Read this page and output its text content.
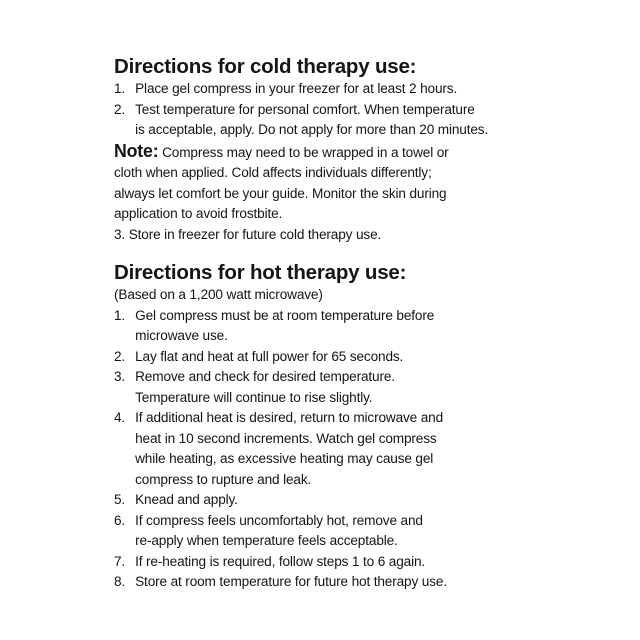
Directions for cold therapy use:
1. Place gel compress in your freezer for at least 2 hours.
2. Test temperature for personal comfort. When temperature
is acceptable, apply. Do not apply for more than 20 minutes.
Note: Compress may need to be wrapped in a towel or
cloth when applied. Cold affects individuals differently;
always let comfort be your guide. Monitor the skin during
application to avoid frostbite.
3. Store in freezer for future cold therapy use.
Directions for hot therapy use:
(Based on a 1,200 watt microwave)
1. Gel compress must be at room temperature before
microwave use.
2. Lay flat and heat at full power for 65 seconds.
3. Remove and check for desired temperature.
Temperature will continue to rise slightly.
4. If additional heat is desired, return to microwave and
heat in 10 second increments. Watch gel compress
while heating, as excessive heating may cause gel
compress to rupture and leak.
5. Knead and apply.
6. If compress feels uncomfortably hot, remove and
re-apply when temperature feels acceptable.
7. If re-heating is required, follow steps 1 to 6 again.
8. Store at room temperature for future hot therapy use.
